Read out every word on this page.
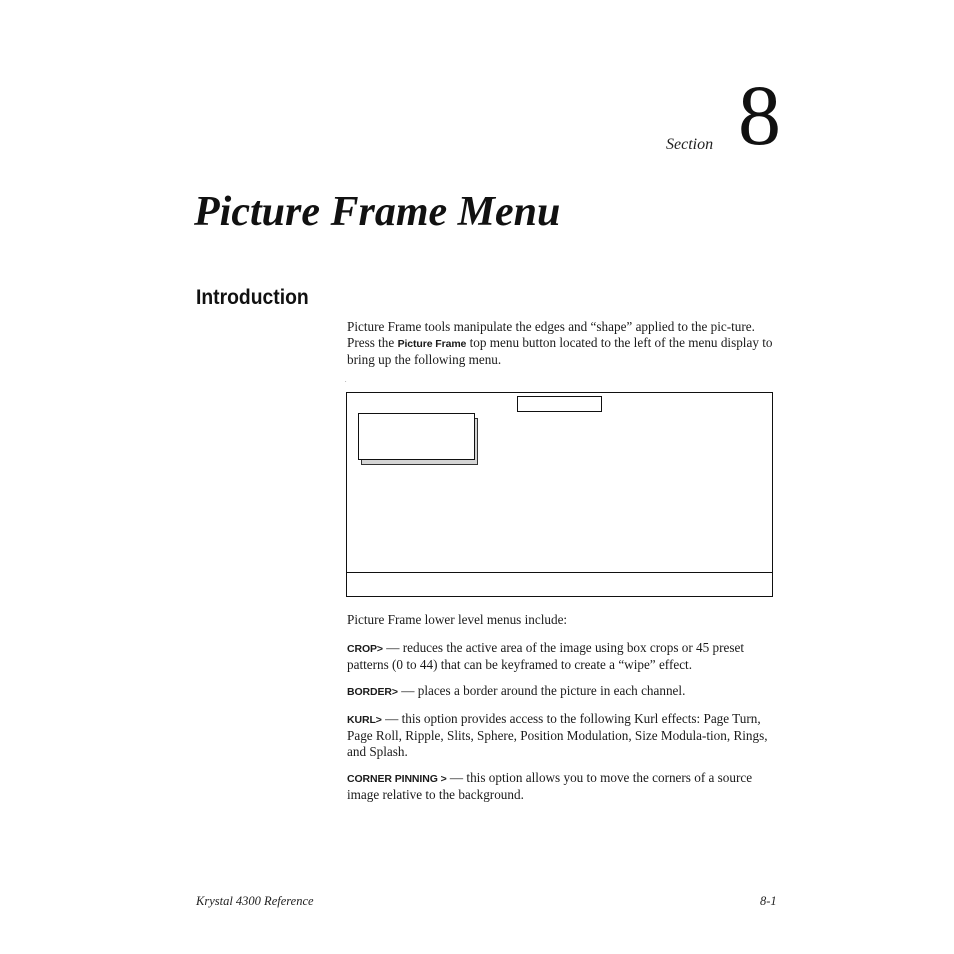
Section 8
Picture Frame Menu
Introduction
Picture Frame tools manipulate the edges and “shape” applied to the pic-ture. Press the Picture Frame top menu button located to the left of the menu display to bring up the following menu.
.
Picture Frame lower level menus include:
CROP> — reduces the active area of the image using box crops or 45 preset patterns (0 to 44) that can be keyframed to create a “wipe” effect.
BORDER> — places a border around the picture in each channel.
KURL> — this option provides access to the following Kurl effects: Page Turn, Page Roll, Ripple, Slits, Sphere, Position Modulation, Size Modula-tion, Rings, and Splash.
CORNER PINNING > — this option allows you to move the corners of a source image relative to the background.
Krystal 4300 Reference	8-1
